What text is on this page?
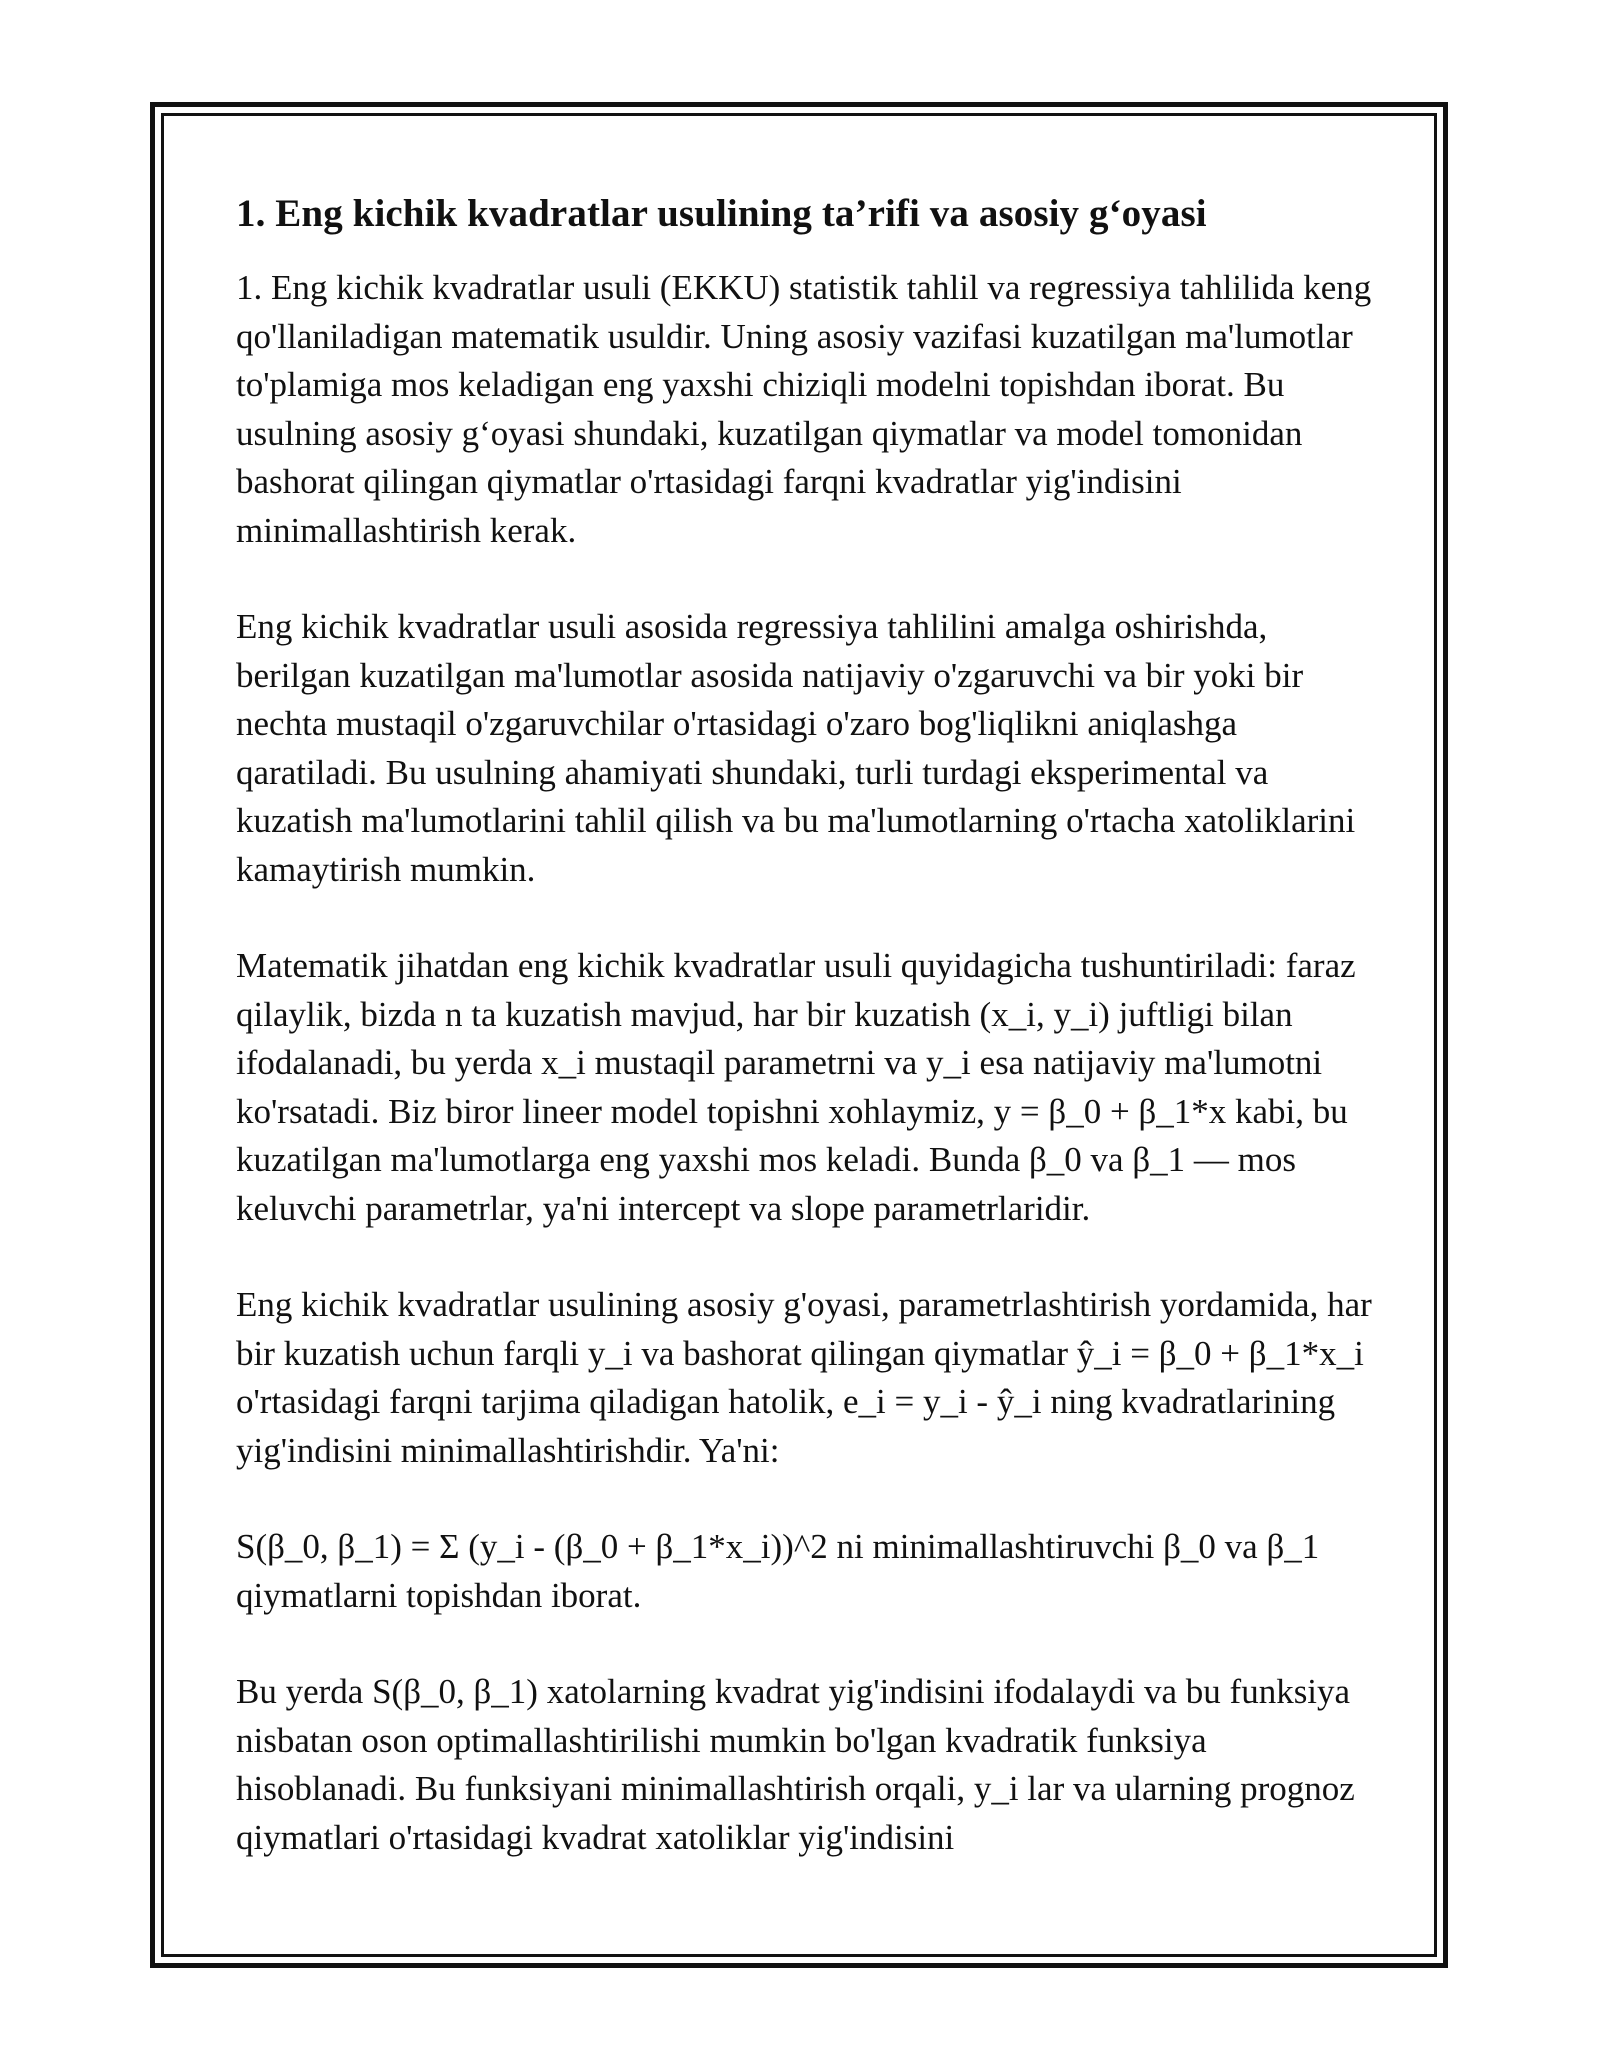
1. Eng kichik kvadratlar usulining ta’rifi va asosiy g‘oyasi

1. Eng kichik kvadratlar usuli (EKKU) statistik tahlil va regressiya tahlilida keng qo'llaniladigan matematik usuldir. Uning asosiy vazifasi kuzatilgan ma'lumotlar to'plamiga mos keladigan eng yaxshi chiziqli modelni topishdan iborat. Bu usulning asosiy g‘oyasi shundaki, kuzatilgan qiymatlar va model tomonidan bashorat qilingan qiymatlar o'rtasidagi farqni kvadratlar yig'indisini minimallashtirish kerak.

Eng kichik kvadratlar usuli asosida regressiya tahlilini amalga oshirishda, berilgan kuzatilgan ma'lumotlar asosida natijaviy o'zgaruvchi va bir yoki bir nechta mustaqil o'zgaruvchilar o'rtasidagi o'zaro bog'liqlikni aniqlashga qaratiladi. Bu usulning ahamiyati shundaki, turli turdagi eksperimental va kuzatish ma'lumotlarini tahlil qilish va bu ma'lumotlarning o'rtacha xatoliklarini kamaytirish mumkin.

Matematik jihatdan eng kichik kvadratlar usuli quyidagicha tushuntiriladi: faraz qilaylik, bizda n ta kuzatish mavjud, har bir kuzatish (x_i, y_i) juftligi bilan ifodalanadi, bu yerda x_i mustaqil parametrni va y_i esa natijaviy ma'lumotni ko'rsatadi. Biz biror lineer model topishni xohlaymiz, y = β_0 + β_1*x kabi, bu kuzatilgan ma'lumotlarga eng yaxshi mos keladi. Bunda β_0 va β_1 — mos keluvchi parametrlar, ya'ni intercept va slope parametrlaridir.

Eng kichik kvadratlar usulining asosiy g'oyasi, parametrlashtirish yordamida, har bir kuzatish uchun farqli y_i va bashorat qilingan qiymatlar ŷ_i = β_0 + β_1*x_i o'rtasidagi farqni tarjima qiladigan hatolik, e_i = y_i - ŷ_i ning kvadratlarining yig'indisini minimallashtirishdir. Ya'ni:

S(β_0, β_1) = Σ (y_i - (β_0 + β_1*x_i))^2 ni minimallashtiruvchi β_0 va β_1 qiymatlarni topishdan iborat.

Bu yerda S(β_0, β_1) xatolarning kvadrat yig'indisini ifodalaydi va bu funksiya nisbatan oson optimallashtirilishi mumkin bo'lgan kvadratik funksiya hisoblanadi. Bu funksiyani minimallashtirish orqali, y_i lar va ularning prognoz qiymatlari o'rtasidagi kvadrat xatoliklar yig'indisini
